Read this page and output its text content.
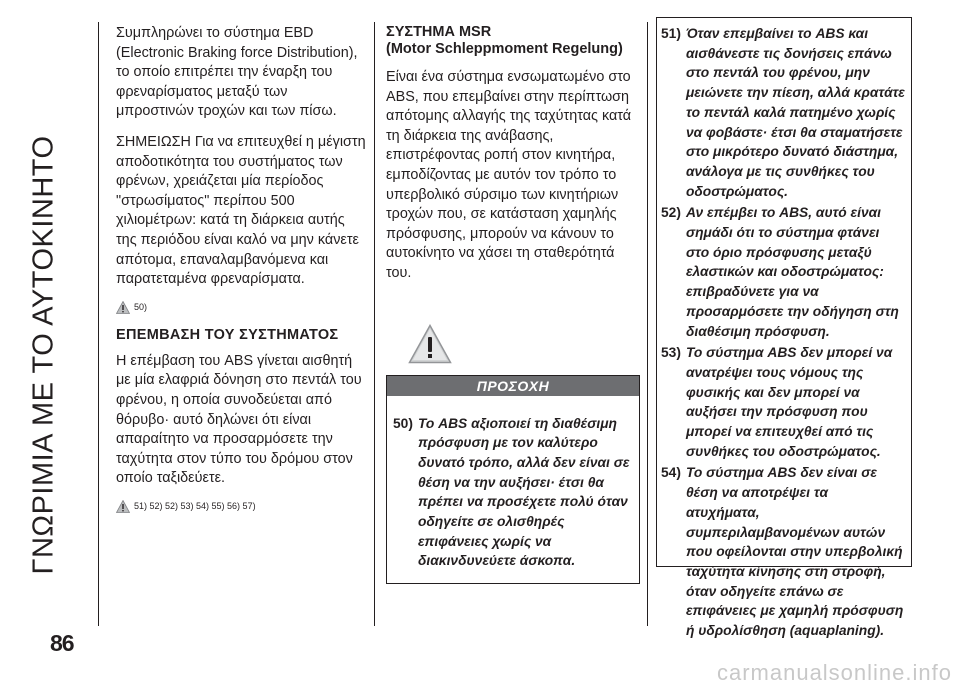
ΓΝΩΡΙΜΙΑ ΜΕ ΤΟ ΑΥΤΟΚΙΝΗΤΟ
86

Συμπληρώνει το σύστημα EBD (Electronic Braking force Distribution), το οποίο επιτρέπει την έναρξη του φρεναρίσματος μεταξύ των μπροστινών τροχών και των πίσω.

ΣΗΜΕΙΩΣΗ Για να επιτευχθεί η μέγιστη αποδοτικότητα του συστήματος των φρένων, χρειάζεται μία περίοδος "στρωσίματος" περίπου 500 χιλιομέτρων: κατά τη διάρκεια αυτής της περιόδου είναι καλό να μην κάνετε απότομα, επαναλαμβανόμενα και παρατεταμένα φρεναρίσματα.

50)
ΕΠΕΜΒΑΣΗ ΤΟΥ ΣΥΣΤΗΜΑΤΟΣ

Η επέμβαση του ABS γίνεται αισθητή με μία ελαφριά δόνηση στο πεντάλ του φρένου, η οποία συνοδεύεται από θόρυβο· αυτό δηλώνει ότι είναι απαραίτητο να προσαρμόσετε την ταχύτητα στον τύπο του δρόμου στον οποίο ταξιδεύετε.

51) 52) 52) 53) 54) 55) 56) 57)
ΣΥΣΤΗΜΑ MSR
(Motor Schleppmoment Regelung)

Είναι ένα σύστημα ενσωματωμένο στο ABS, που επεμβαίνει στην περίπτωση απότομης αλλαγής της ταχύτητας κατά τη διάρκεια της ανάβασης, επιστρέφοντας ροπή στον κινητήρα, εμποδίζοντας με αυτόν τον τρόπο το υπερβολικό σύρσιμο των κινητήριων τροχών που, σε κατάσταση χαμηλής πρόσφυσης, μπορούν να κάνουν το αυτοκίνητο να χάσει τη σταθερότητά του.

ΠΡΟΣΟΧΗ
50) Το ABS αξιοποιεί τη διαθέσιμη πρόσφυση με τον καλύτερο δυνατό τρόπο, αλλά δεν είναι σε θέση να την αυξήσει· έτσι θα πρέπει να προσέχετε πολύ όταν οδηγείτε σε ολισθηρές επιφάνειες χωρίς να διακινδυνεύετε άσκοπα.
51) Όταν επεμβαίνει το ABS και αισθάνεστε τις δονήσεις επάνω στο πεντάλ του φρένου, μην μειώνετε την πίεση, αλλά κρατάτε το πεντάλ καλά πατημένο χωρίς να φοβάστε· έτσι θα σταματήσετε στο μικρότερο δυνατό διάστημα, ανάλογα με τις συνθήκες του οδοστρώματος.
52) Αν επέμβει το ABS, αυτό είναι σημάδι ότι το σύστημα φτάνει στο όριο πρόσφυσης μεταξύ ελαστικών και οδοστρώματος: επιβραδύνετε για να προσαρμόσετε την οδήγηση στη διαθέσιμη πρόσφυση.
53) Το σύστημα ABS δεν μπορεί να ανατρέψει τους νόμους της φυσικής και δεν μπορεί να αυξήσει την πρόσφυση που μπορεί να επιτευχθεί από τις συνθήκες του οδοστρώματος.
54) Το σύστημα ABS δεν είναι σε θέση να αποτρέψει τα ατυχήματα, συμπεριλαμβανομένων αυτών που οφείλονται στην υπερβολική ταχύτητα κίνησης στη στροφή, όταν οδηγείτε επάνω σε επιφάνειες με χαμηλή πρόσφυση ή υδρολίσθηση (aquaplaning).
carmanualsonline.info
